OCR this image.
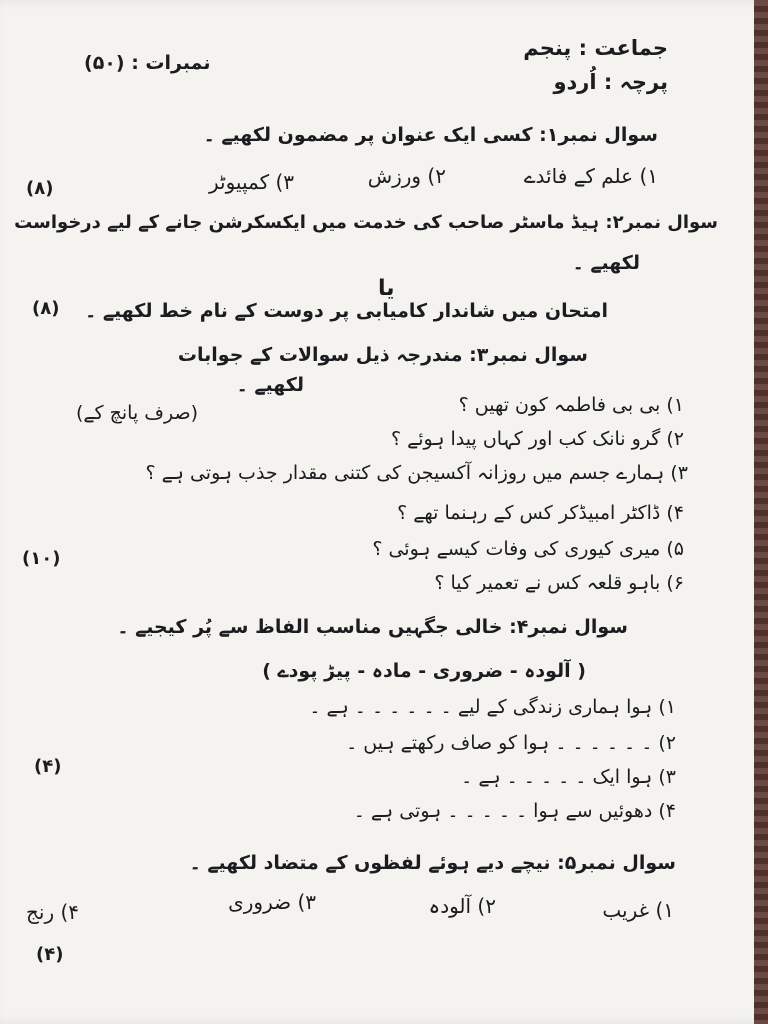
جماعت : پنجم
پرچہ : اُردو
نمبرات : (۵۰)
سوال نمبر۱: کسی ایک عنوان پر مضمون لکھیے ۔
۱) علم کے فائدے
۲) ورزش
۳) کمپیوٹر
(۸)
سوال نمبر۲: ہیڈ ماسٹر صاحب کی خدمت میں ایکسکرشن جانے کے لیے درخواست
لکھیے ۔
یا
امتحان میں شاندار کامیابی پر دوست کے نام خط لکھیے ۔
(۸)
سوال نمبر۳: مندرجہ ذیل سوالات کے جوابات
لکھیے ۔
(صرف پانچ کے)	۱) بی بی فاطمہ کون تھیں ؟
۲) گرو نانک کب اور کہاں پیدا ہوئے ؟
۳) ہمارے جسم میں روزانہ آکسیجن کی کتنی مقدار جذب ہوتی ہے ؟
۴) ڈاکٹر امبیڈکر کس کے رہنما تھے ؟
۵) میری کیوری کی وفات کیسے ہوئی ؟
۶) باہو قلعہ کس نے تعمیر کیا ؟
(۱۰)
سوال نمبر۴: خالی جگہیں مناسب الفاظ سے پُر کیجیے ۔
( آلودہ - ضروری - مادہ - پیڑ پودے )
۱) ہوا ہماری زندگی کے لیے ۔ ۔ ۔ ۔ ۔ ۔ ہے ۔
۲) ۔ ۔ ۔ ۔ ۔ ۔ ہوا کو صاف رکھتے ہیں ۔
۳) ہوا ایک ۔ ۔ ۔ ۔ ۔ ہے ۔
۴) دھوئیں سے ہوا ۔ ۔ ۔ ۔ ۔ ہوتی ہے ۔
(۴)
سوال نمبر۵: نیچے دیے ہوئے لفظوں کے متضاد لکھیے ۔
۱) غریب
۲) آلودہ
۳) ضروری
۴) رنج
(۴)
